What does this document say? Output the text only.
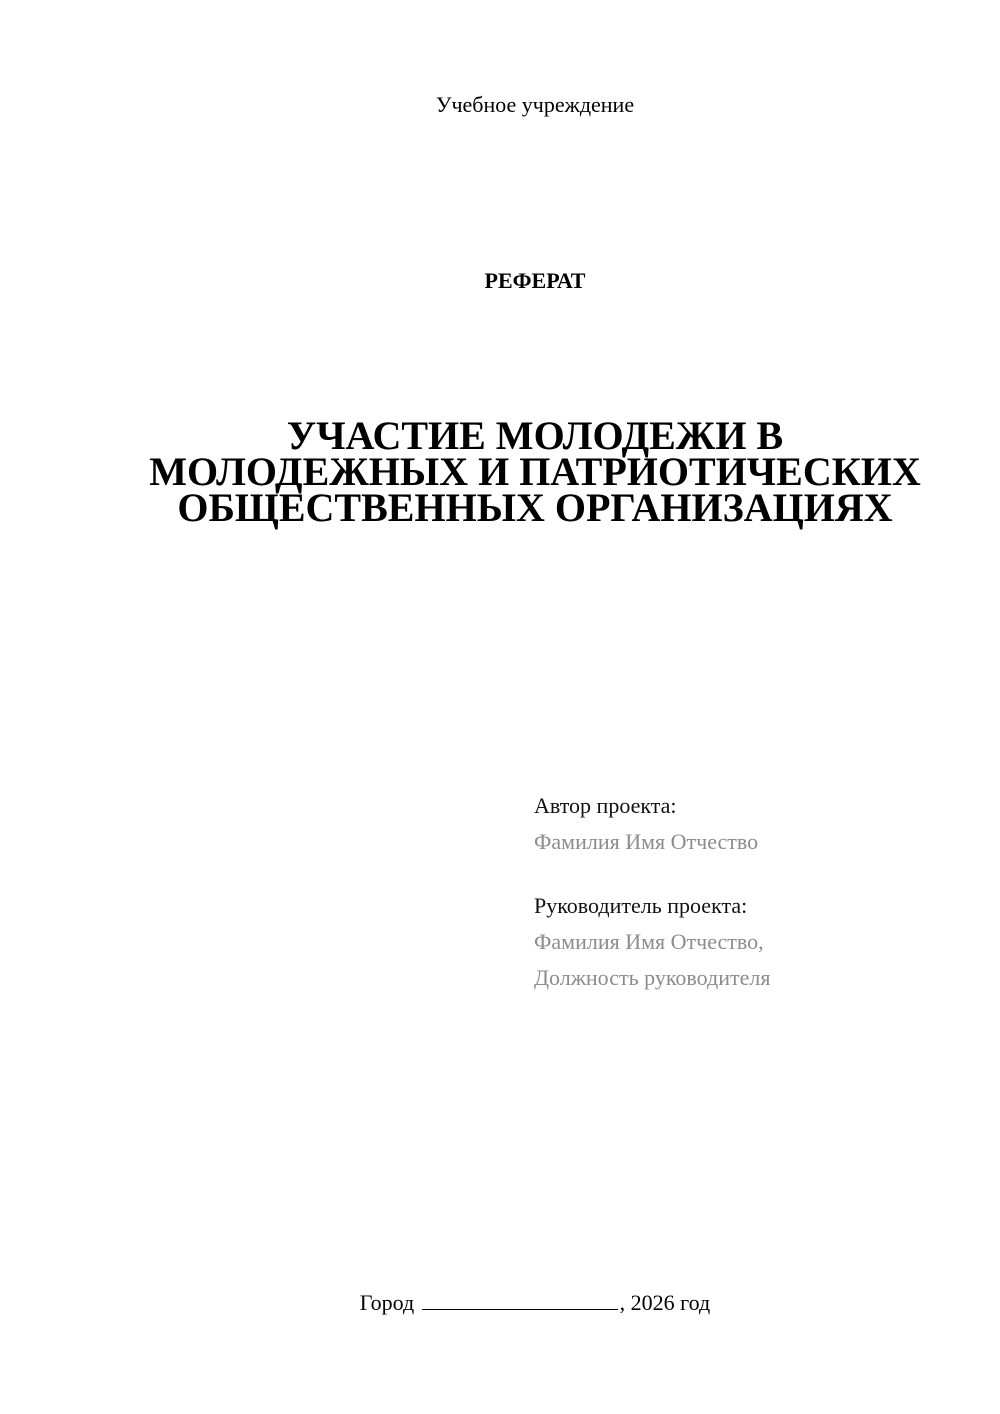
Учебное учреждение
РЕФЕРАТ
УЧАСТИЕ МОЛОДЕЖИ В
МОЛОДЕЖНЫХ И ПАТРИОТИЧЕСКИХ
ОБЩЕСТВЕННЫХ ОРГАНИЗАЦИЯХ
Автор проекта:
Фамилия Имя Отчество
Руководитель проекта:
Фамилия Имя Отчество,
Должность руководителя
Город	, 2026 год
